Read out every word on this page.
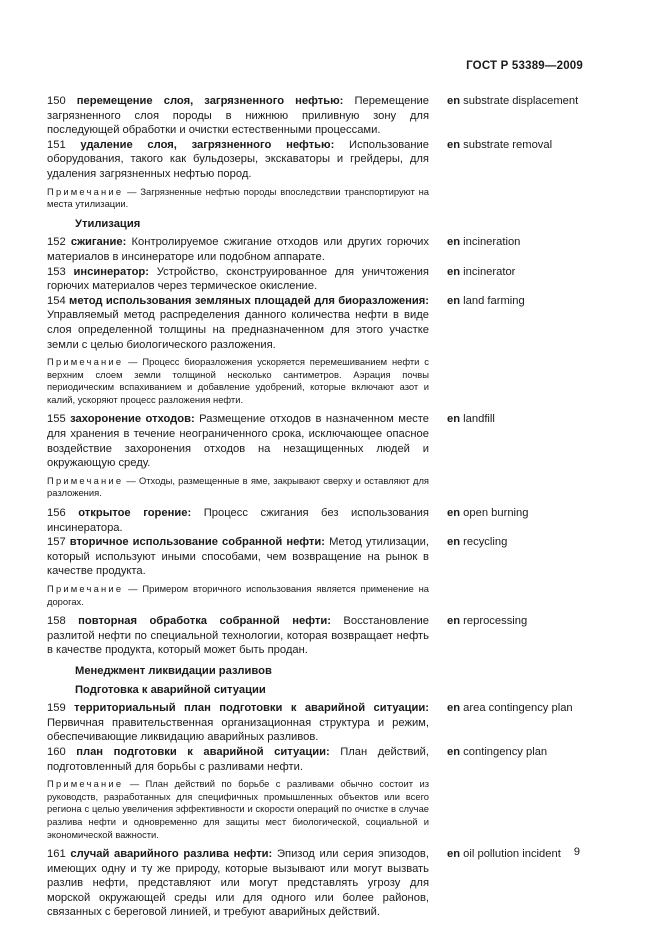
ГОСТ Р 53389—2009
150 перемещение слоя, загрязненного нефтью: Перемещение загрязненного слоя породы в нижнюю приливную зону для последующей обработки и очистки естественными процессами.
en substrate displacement
151 удаление слоя, загрязненного нефтью: Использование оборудования, такого как бульдозеры, экскаваторы и грейдеры, для удаления загрязненных нефтью пород.
en substrate removal
Примечание — Загрязненные нефтью породы впоследствии транспортируют на места утилизации.
Утилизация
152 сжигание: Контролируемое сжигание отходов или других горючих материалов в инсинераторе или подобном аппарате.
en incineration
153 инсинератор: Устройство, сконструированное для уничтожения горючих материалов через термическое окисление.
en incinerator
154 метод использования земляных площадей для биоразложения: Управляемый метод распределения данного количества нефти в виде слоя определенной толщины на предназначенном для этого участке земли с целью биологического разложения.
en land farming
Примечание — Процесс биоразложения ускоряется перемешиванием нефти с верхним слоем земли толщиной несколько сантиметров. Аэрация почвы периодическим вспахиванием и добавление удобрений, которые включают азот и калий, ускоряют процесс разложения нефти.
155 захоронение отходов: Размещение отходов в назначенном месте для хранения в течение неограниченного срока, исключающее опасное воздействие захоронения отходов на незащищенных людей и окружающую среду.
en landfill
Примечание — Отходы, размещенные в яме, закрывают сверху и оставляют для разложения.
156 открытое горение: Процесс сжигания без использования инсинератора.
en open burning
157 вторичное использование собранной нефти: Метод утилизации, который используют иными способами, чем возвращение на рынок в качестве продукта.
en recycling
Примечание — Примером вторичного использования является применение на дорогах.
158 повторная обработка собранной нефти: Восстановление разлитой нефти по специальной технологии, которая возвращает нефть в качестве продукта, который может быть продан.
en reprocessing
Менеджмент ликвидации разливов
Подготовка к аварийной ситуации
159 территориальный план подготовки к аварийной ситуации: Первичная правительственная организационная структура и режим, обеспечивающие ликвидацию аварийных разливов.
en area contingency plan
160 план подготовки к аварийной ситуации: План действий, подготовленный для борьбы с разливами нефти.
en contingency plan
Примечание — План действий по борьбе с разливами обычно состоит из руководств, разработанных для специфичных промышленных объектов или всего региона с целью увеличения эффективности и скорости операций по очистке в случае разлива нефти и одновременно для защиты мест биологической, социальной и экономической важности.
161 случай аварийного разлива нефти: Эпизод или серия эпизодов, имеющих одну и ту же природу, которые вызывают или могут вызвать разлив нефти, представляют или могут представлять угрозу для морской окружающей среды или для одного или более районов, связанных с береговой линией, и требуют аварийных действий.
en oil pollution incident	9
